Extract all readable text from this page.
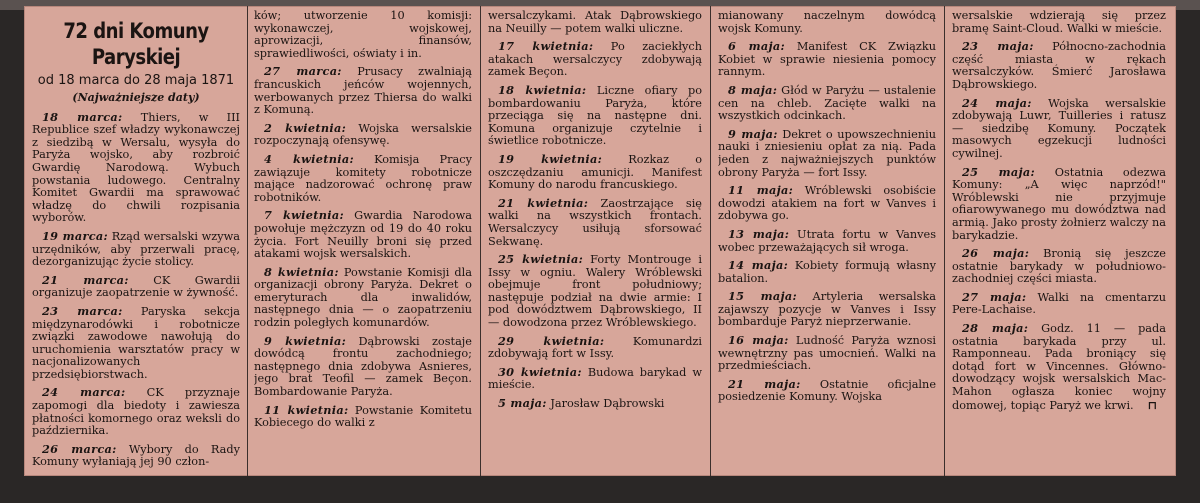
72 dni Komuny Paryskiej
od 18 marca do 28 maja 1871
(Najważniejsze daty)

18 marca: Thiers, w III Republice szef władzy wykonawczej z siedzibą w Wersalu, wysyła do Paryża wojsko, aby rozbroić Gwardię Narodową. Wybuch powstania ludowego. Centralny Komitet Gwardii ma sprawować władzę do chwili rozpisania wyborów.

19 marca: Rząd wersalski wzywa urzędników, aby przerwali pracę, dezorganizując życie stolicy.

21 marca: CK Gwardii organizuje zaopatrzenie w żywność.

23 marca: Paryska sekcja międzynarodówki i robotnicze związki zawodowe nawołują do uruchomienia warsztatów pracy w nacjonalizowanych przedsiębiorstwach.

24 marca: CK przyznaje zapomogi dla biedoty i zawiesza płatności komornego oraz weksli do października.

26 marca: Wybory do Rady Komuny wyłaniają jej 90 człon-

ków; utworzenie 10 komisji: wykonawczej, wojskowej, aprowizacji, finansów, sprawiedliwości, oświaty i in.

27 marca: Prusacy zwalniają francuskich jeńców wojennych, werbowanych przez Thiersa do walki z Komuną.

2 kwietnia: Wojska wersalskie rozpoczynają ofensywę.

4 kwietnia: Komisja Pracy zawiązuje komitety robotnicze mające nadzorować ochronę praw robotników.

7 kwietnia: Gwardia Narodowa powołuje mężczyzn od 19 do 40 roku życia. Fort Neuilly broni się przed atakami wojsk wersalskich.

8 kwietnia: Powstanie Komisji dla organizacji obrony Paryża. Dekret o emeryturach dla inwalidów, następnego dnia — o zaopatrzeniu rodzin poległych komunardów.

9 kwietnia: Dąbrowski zostaje dowódcą frontu zachodniego; następnego dnia zdobywa Asnieres, jego brat Teofil — zamek Beçon. Bombardowanie Paryża.

11 kwietnia: Powstanie Komitetu Kobiecego do walki z

wersalczykami. Atak Dąbrowskiego na Neuilly — potem walki uliczne.

17 kwietnia: Po zaciekłych atakach wersalczycy zdobywają zamek Beçon.

18 kwietnia: Liczne ofiary po bombardowaniu Paryża, które przeciąga się na następne dni. Komuna organizuje czytelnie i świetlice robotnicze.

19 kwietnia: Rozkaz o oszczędzaniu amunicji. Manifest Komuny do narodu francuskiego.

21 kwietnia: Zaostrzające się walki na wszystkich frontach. Wersalczycy usiłują sforsować Sekwanę.

25 kwietnia: Forty Montrouge i Issy w ogniu. Walery Wróblewski obejmuje front południowy; następuje podział na dwie armie: I pod dowództwem Dąbrowskiego, II — dowodzona przez Wróblewskiego.

29 kwietnia: Komunardzi zdobywają fort w Issy.

30 kwietnia: Budowa barykad w mieście.

5 maja: Jarosław Dąbrowski

mianowany naczelnym dowódcą wojsk Komuny.

6 maja: Manifest CK Związku Kobiet w sprawie niesienia pomocy rannym.

8 maja: Głód w Paryżu — ustalenie cen na chleb. Zacięte walki na wszystkich odcinkach.

9 maja: Dekret o upowszechnieniu nauki i zniesieniu opłat za nią. Pada jeden z najważniejszych punktów obrony Paryża — fort Issy.

11 maja: Wróblewski osobiście dowodzi atakiem na fort w Vanves i zdobywa go.

13 maja: Utrata fortu w Vanves wobec przeważających sił wroga.

14 maja: Kobiety formują własny batalion.

15 maja: Artyleria wersalska zajawszy pozycje w Vanves i Issy bombarduje Paryż nieprzerwanie.

16 maja: Ludność Paryża wznosi wewnętrzny pas umocnień. Walki na przedmieściach.

21 maja: Ostatnie oficjalne posiedzenie Komuny. Wojska

wersalskie wdzierają się przez bramę Saint-Cloud. Walki w mieście.

23 maja: Północno-zachodnia część miasta w rękach wersalczyków. Śmierć Jarosława Dąbrowskiego.

24 maja: Wojska wersalskie zdobywają Luwr, Tuilleries i ratusz — siedzibę Komuny. Początek masowych egzekucji ludności cywilnej.

25 maja: Ostatnia odezwa Komuny: „A więc naprzód!" Wróblewski nie przyjmuje ofiarowywanego mu dowództwa nad armią. Jako prosty żołnierz walczy na barykadzie.

26 maja: Bronią się jeszcze ostatnie barykady w południowo-zachodniej części miasta.

27 maja: Walki na cmentarzu Pere-Lachaise.

28 maja: Godz. 11 — pada ostatnia barykada przy ul. Ramponneau. Pada broniący się dotąd fort w Vincennes. Głównodowodzący wojsk wersalskich Mac-Mahon ogłasza koniec wojny domowej, topiąc Paryż we krwi. ⊓
